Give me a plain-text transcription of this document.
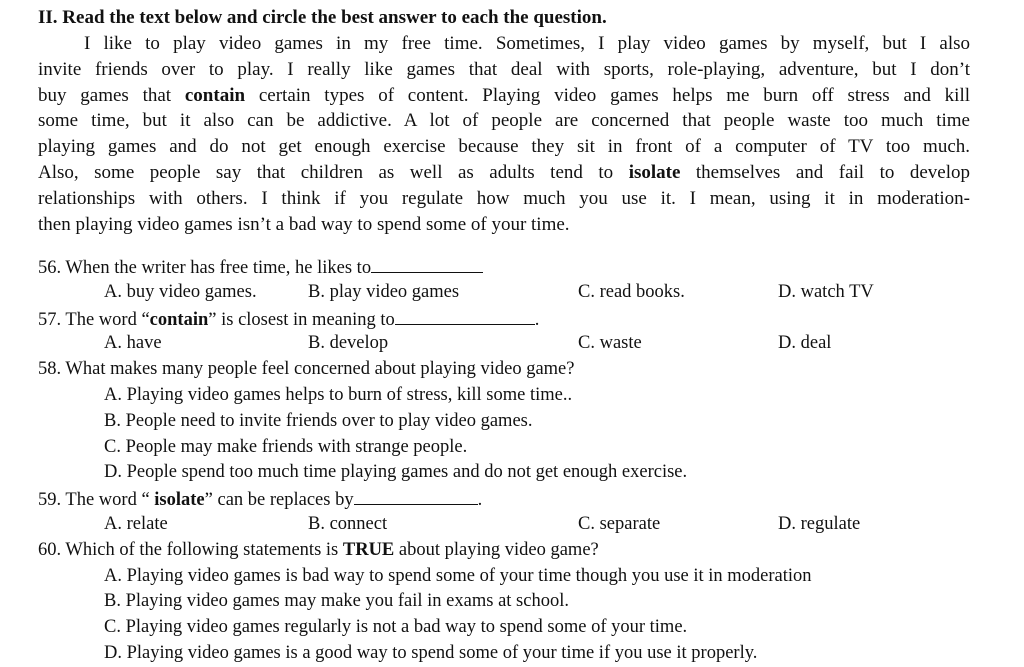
II. Read the text below and circle the best answer to each the question.
I like to play video games in my free time. Sometimes, I play video games by myself, but I also
invite friends over to play. I really like games that deal with sports, role-playing, adventure, but I don’t
buy games that contain certain types of content. Playing video games helps me burn off stress and kill
some time, but it also can be addictive. A lot of people are concerned that people waste too much time
playing games and do not get enough exercise because they sit in front of a computer of TV too much.
Also, some people say that children as well as adults tend to isolate themselves and fail to develop
relationships with others. I think if you regulate how much you use it. I mean, using it in moderation-
then playing video games isn’t a bad way to spend some of your time.
56. When the writer has free time, he likes to
A. buy video games.	B. play video games	C. read books.	D. watch TV
57. The word “contain” is closest in meaning to	.
A. have	B. develop	C. waste	D. deal
58. What makes many people feel concerned about playing video game?
A. Playing video games helps to burn of stress, kill some time..
B. People need to invite friends over to play video games.
C. People may make friends with strange people.
D. People spend too much time playing games and do not get enough exercise.
59. The word “ isolate” can be replaces by	.
A. relate	B. connect	C. separate	D. regulate
60. Which of the following statements is TRUE about playing video game?
A. Playing video games is bad way to spend some of your time though you use it in moderation
B. Playing video games may make you fail in exams at school.
C. Playing video games regularly is not a bad way to spend some of your time.
D. Playing video games is a good way to spend some of your time if you use it properly.
